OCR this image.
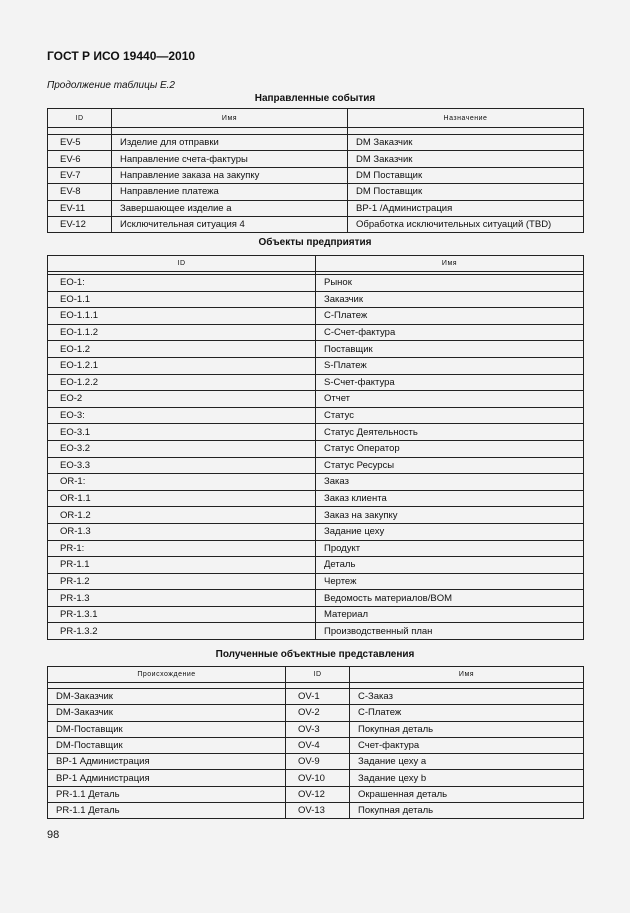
ГОСТ Р ИСО 19440—2010
Продолжение таблицы Е.2
Направленные события
ID	Имя	Назначение

EV-5	Изделие для отправки	DM Заказчик
EV-6	Направление счета-фактуры	DM Заказчик
EV-7	Направление заказа на закупку	DM Поставщик
EV-8	Направление платежа	DM Поставщик
EV-11	Завершающее изделие a	BP-1 /Администрация
EV-12	Исключительная ситуация 4	Обработка исключительных ситуаций (TBD)
Объекты предприятия
ID	Имя

EO-1:	Рынок
EO-1.1	Заказчик
EO-1.1.1	С-Платеж
EO-1.1.2	С-Счет-фактура
EO-1.2	Поставщик
EO-1.2.1	S-Платеж
EO-1.2.2	S-Счет-фактура
EO-2	Отчет
EO-3:	Статус
EO-3.1	Статус Деятельность
EO-3.2	Статус Оператор
EO-3.3	Статус Ресурсы
OR-1:	Заказ
OR-1.1	Заказ клиента
OR-1.2	Заказ на закупку
OR-1.3	Задание цеху
PR-1:	Продукт
PR-1.1	Деталь
PR-1.2	Чертеж
PR-1.3	Ведомость материалов/BOM
PR-1.3.1	Материал
PR-1.3.2	Производственный план
Полученные объектные представления
Происхождение	ID	Имя

DM-Заказчик	OV-1	С-Заказ
DM-Заказчик	OV-2	С-Платеж
DM-Поставщик	OV-3	Покупная деталь
DM-Поставщик	OV-4	Счет-фактура
BP-1 Администрация	OV-9	Задание цеху a
BP-1 Администрация	OV-10	Задание цеху b
PR-1.1 Деталь	OV-12	Окрашенная деталь
PR-1.1 Деталь	OV-13	Покупная деталь
98
